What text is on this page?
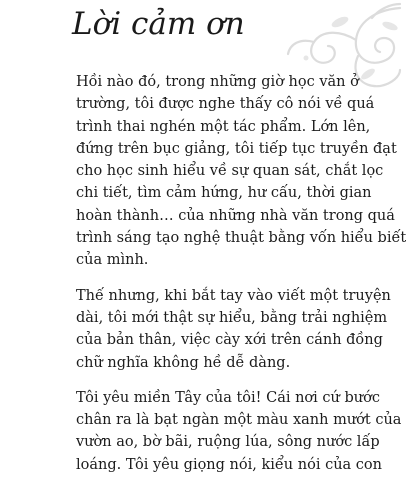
Lời cảm ơn

Hồi nào đó, trong những giờ học văn ở
trường, tôi được nghe thấy cô nói về quá
trình thai nghén một tác phẩm. Lớn lên,
đứng trên bục giảng, tôi tiếp tục truyền đạt
cho học sinh hiểu về sự quan sát, chắt lọc
chi tiết, tìm cảm hứng, hư cấu, thời gian
hoàn thành… của những nhà văn trong quá
trình sáng tạo nghệ thuật bằng vốn hiểu biết
của mình.

Thế nhưng, khi bắt tay vào viết một truyện
dài, tôi mới thật sự hiểu, bằng trải nghiệm
của bản thân, việc cày xới trên cánh đồng
chữ nghĩa không hề dễ dàng.

Tôi yêu miền Tây của tôi! Cái nơi cứ bước
chân ra là bạt ngàn một màu xanh mướt của
vườn ao, bờ bãi, ruộng lúa, sông nước lấp
loáng. Tôi yêu giọng nói, kiểu nói của con
